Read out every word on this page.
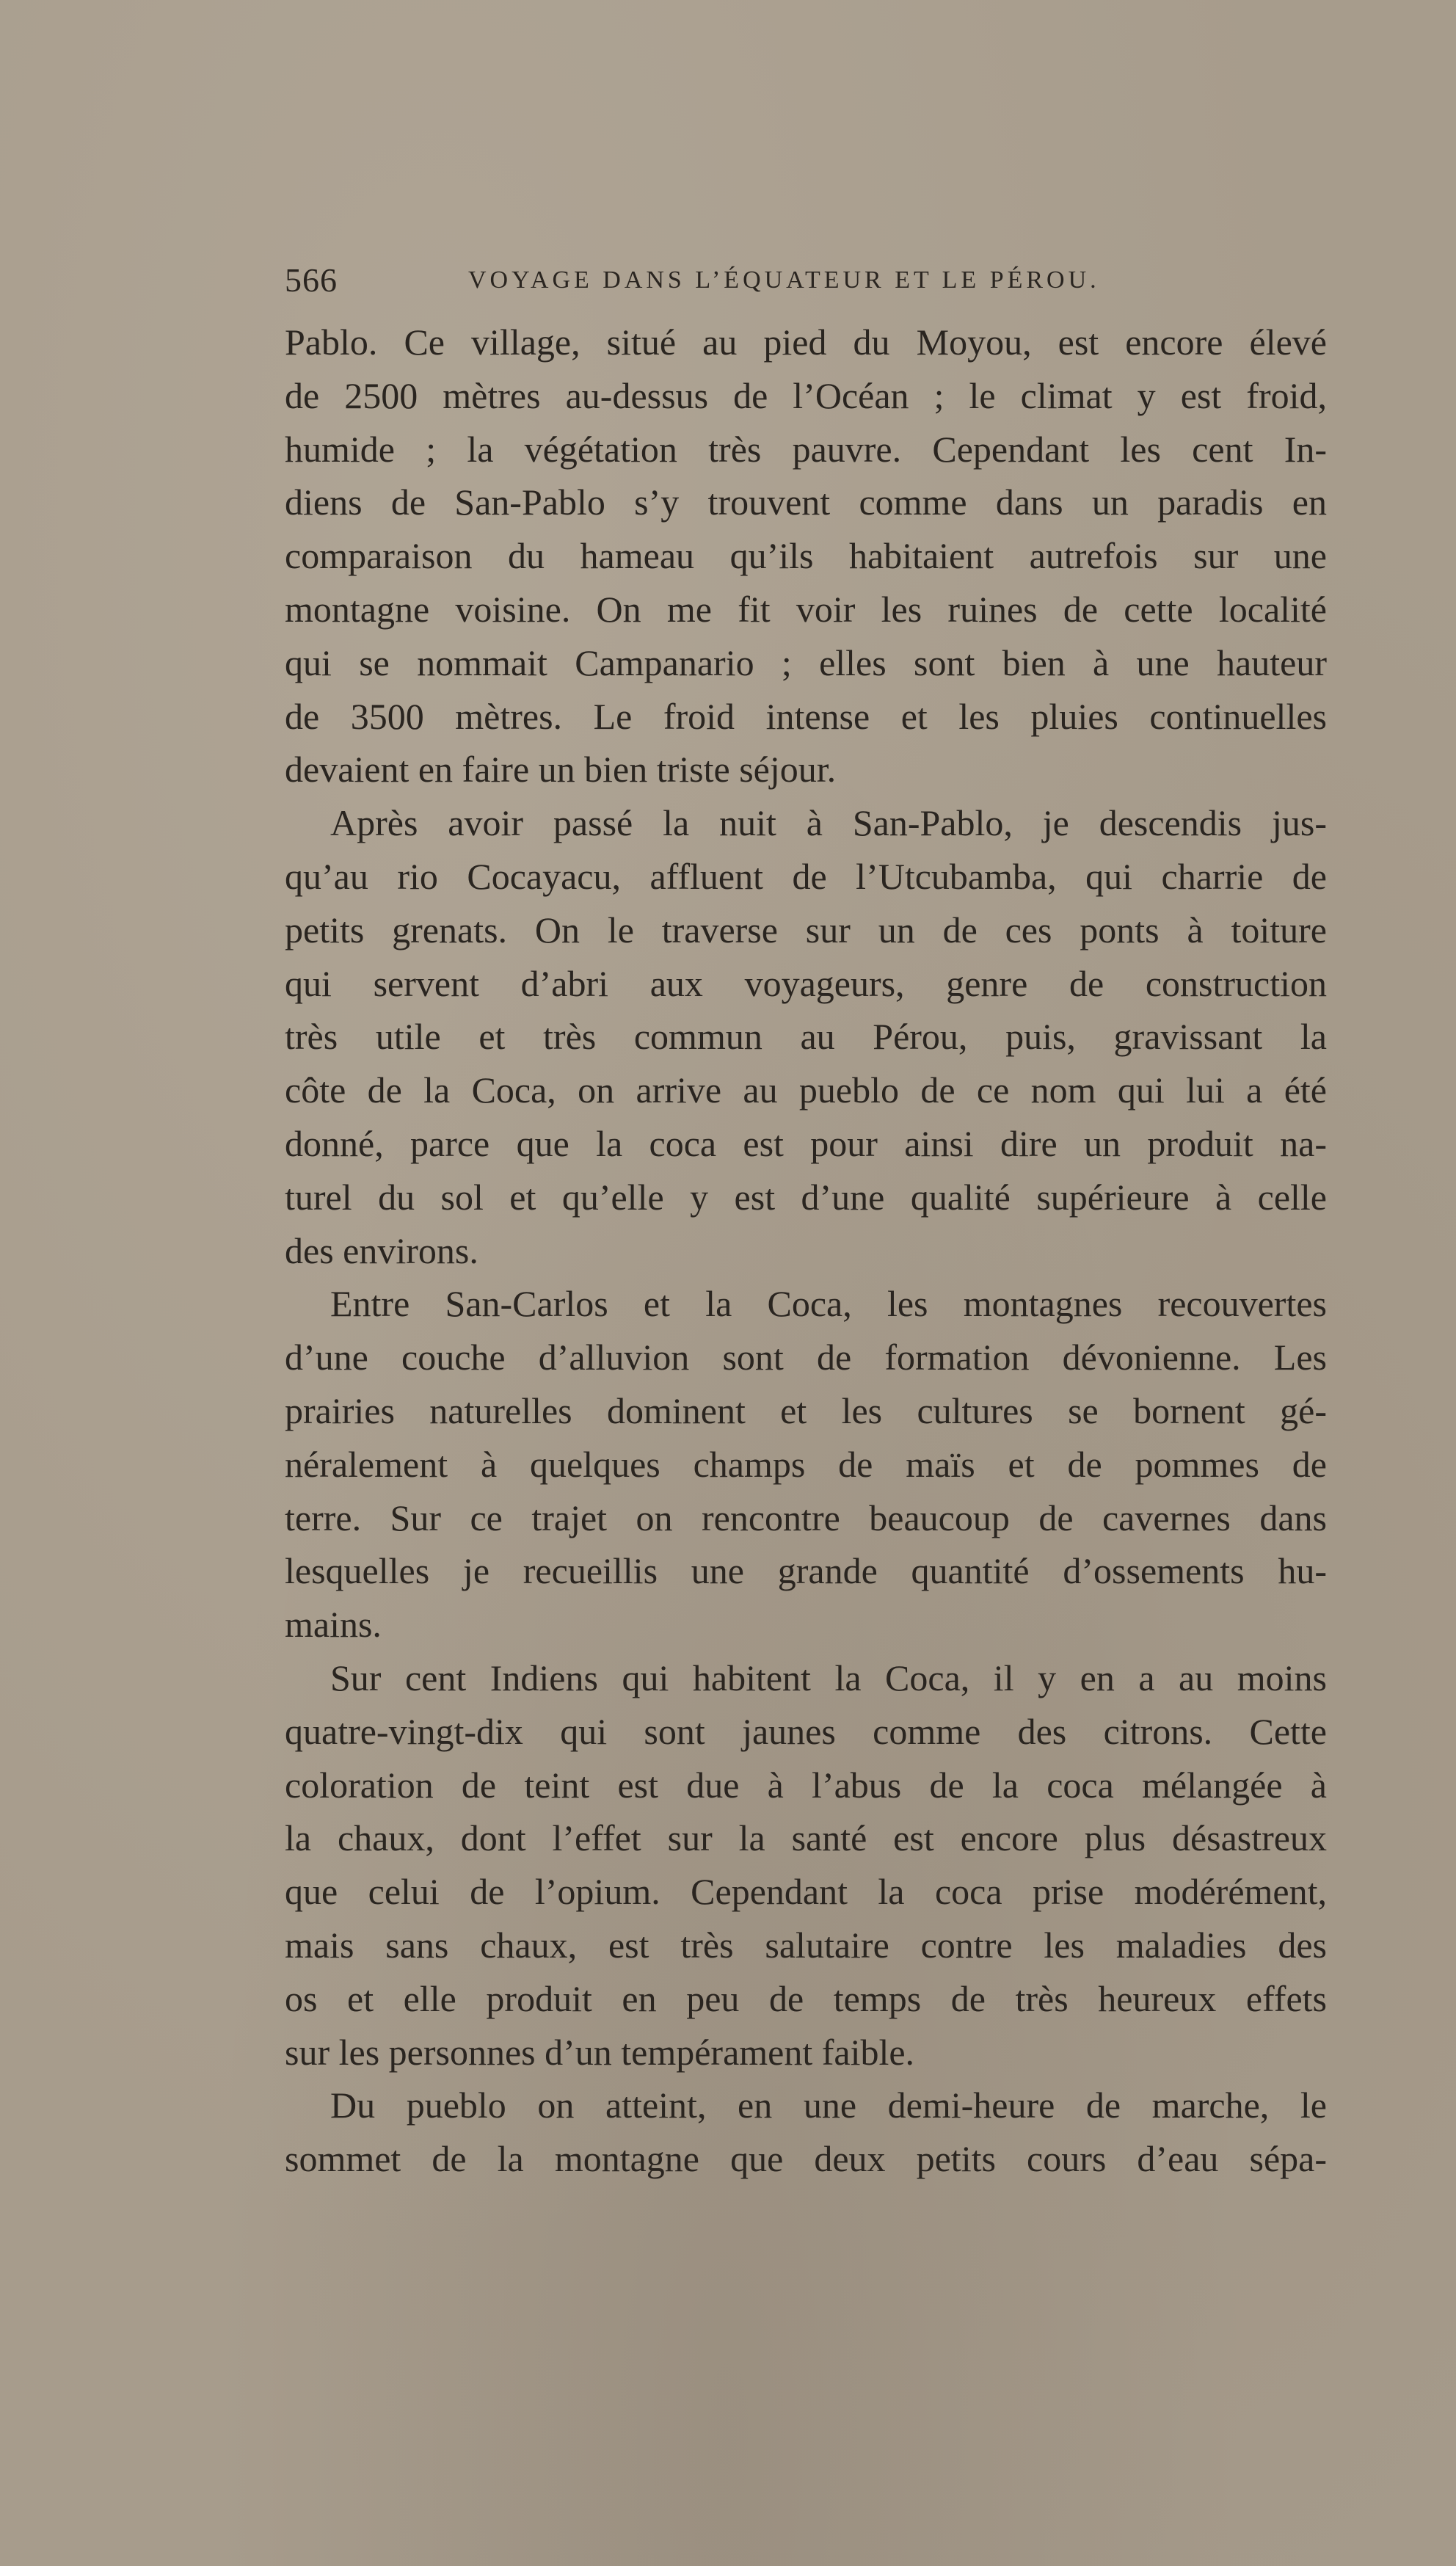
566	VOYAGE DANS L’ÉQUATEUR ET LE PÉROU.
Pablo. Ce village, situé au pied du Moyou, est encore élevé
de 2500 mètres au-dessus de l’Océan ; le climat y est froid,
humide ; la végétation très pauvre. Cependant les cent In-
diens de San-Pablo s’y trouvent comme dans un paradis en
comparaison du hameau qu’ils habitaient autrefois sur une
montagne voisine. On me fit voir les ruines de cette localité
qui se nommait Campanario ; elles sont bien à une hauteur
de 3500 mètres. Le froid intense et les pluies continuelles
devaient en faire un bien triste séjour.
Après avoir passé la nuit à San-Pablo, je descendis jus-
qu’au rio Cocayacu, affluent de l’Utcubamba, qui charrie de
petits grenats. On le traverse sur un de ces ponts à toiture
qui servent d’abri aux voyageurs, genre de construction
très utile et très commun au Pérou, puis, gravissant la
côte de la Coca, on arrive au pueblo de ce nom qui lui a été
donné, parce que la coca est pour ainsi dire un produit na-
turel du sol et qu’elle y est d’une qualité supérieure à celle
des environs.
Entre San-Carlos et la Coca, les montagnes recouvertes
d’une couche d’alluvion sont de formation dévonienne. Les
prairies naturelles dominent et les cultures se bornent gé-
néralement à quelques champs de maïs et de pommes de
terre. Sur ce trajet on rencontre beaucoup de cavernes dans
lesquelles je recueillis une grande quantité d’ossements hu-
mains.
Sur cent Indiens qui habitent la Coca, il y en a au moins
quatre-vingt-dix qui sont jaunes comme des citrons. Cette
coloration de teint est due à l’abus de la coca mélangée à
la chaux, dont l’effet sur la santé est encore plus désastreux
que celui de l’opium. Cependant la coca prise modérément,
mais sans chaux, est très salutaire contre les maladies des
os et elle produit en peu de temps de très heureux effets
sur les personnes d’un tempérament faible.
Du pueblo on atteint, en une demi-heure de marche, le
sommet de la montagne que deux petits cours d’eau sépa-
